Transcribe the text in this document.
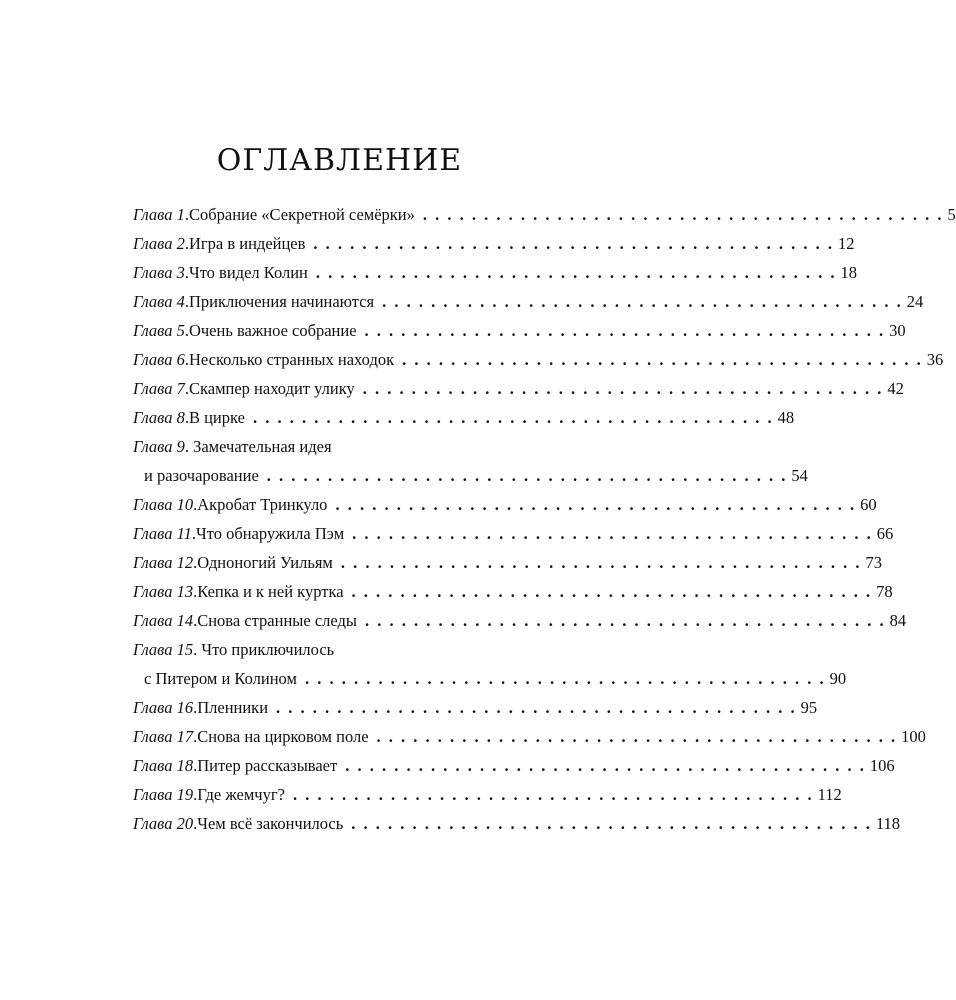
ОГЛАВЛЕНИЕ
Глава 1 . Собрание «Секретной семёрки» . . . . . . . . . . . . . . . . . . . . . . . . . . . . . . . . . . . . . . . . . . . 5
Глава 2 . Игра в индейцев . . . . . . . . . . . . . . . . . . . . . . . . . . . . . . . . . . . . . . . . . . . 12
Глава 3 . Что видел Колин . . . . . . . . . . . . . . . . . . . . . . . . . . . . . . . . . . . . . . . . . . . 18
Глава 4 . Приключения начинаются . . . . . . . . . . . . . . . . . . . . . . . . . . . . . . . . . . . . . . . . . . . 24
Глава 5 . Очень важное собрание . . . . . . . . . . . . . . . . . . . . . . . . . . . . . . . . . . . . . . . . . . . 30
Глава 6 . Несколько странных находок . . . . . . . . . . . . . . . . . . . . . . . . . . . . . . . . . . . . . . . . . . . 36
Глава 7 . Скампер находит улику . . . . . . . . . . . . . . . . . . . . . . . . . . . . . . . . . . . . . . . . . . . 42
Глава 8 . В цирке . . . . . . . . . . . . . . . . . . . . . . . . . . . . . . . . . . . . . . . . . . . 48
Глава 9. Замечательная идея
и разочарование . . . . . . . . . . . . . . . . . . . . . . . . . . . . . . . . . . . . . . . . . . . 54
Глава 10 . Акробат Тринкуло . . . . . . . . . . . . . . . . . . . . . . . . . . . . . . . . . . . . . . . . . . . 60
Глава 11 . Что обнаружила Пэм . . . . . . . . . . . . . . . . . . . . . . . . . . . . . . . . . . . . . . . . . . . 66
Глава 12 . Одноногий Уильям . . . . . . . . . . . . . . . . . . . . . . . . . . . . . . . . . . . . . . . . . . . 73
Глава 13 . Кепка и к ней куртка . . . . . . . . . . . . . . . . . . . . . . . . . . . . . . . . . . . . . . . . . . . 78
Глава 14 . Снова странные следы . . . . . . . . . . . . . . . . . . . . . . . . . . . . . . . . . . . . . . . . . . . 84
Глава 15. Что приключилось
с Питером и Колином . . . . . . . . . . . . . . . . . . . . . . . . . . . . . . . . . . . . . . . . . . . 90
Глава 16 . Пленники . . . . . . . . . . . . . . . . . . . . . . . . . . . . . . . . . . . . . . . . . . . 95
Глава 17 . Снова на цирковом поле . . . . . . . . . . . . . . . . . . . . . . . . . . . . . . . . . . . . . . . . . . . 100
Глава 18 . Питер рассказывает . . . . . . . . . . . . . . . . . . . . . . . . . . . . . . . . . . . . . . . . . . . 106
Глава 19 . Где жемчуг? . . . . . . . . . . . . . . . . . . . . . . . . . . . . . . . . . . . . . . . . . . . 112
Глава 20 . Чем всё закончилось . . . . . . . . . . . . . . . . . . . . . . . . . . . . . . . . . . . . . . . . . . . 118
